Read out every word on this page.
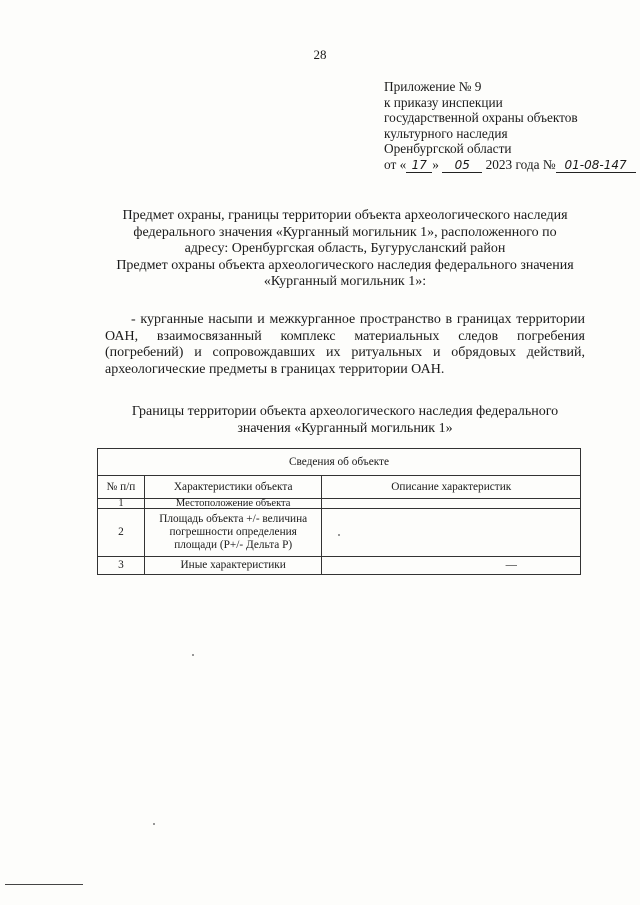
28
Приложение № 9
к приказу инспекции
государственной охраны объектов
культурного наследия
Оренбургской области
от « 17 » 05 2023 года № 01-08-147
Предмет охраны, границы территории объекта археологического наследия
федерального значения «Курганный могильник 1», расположенного по
адресу: Оренбургская область, Бугурусланский район
Предмет охраны объекта археологического наследия федерального значения
«Курганный могильник 1»:
- курганные насыпи и межкурганное пространство в границах территории ОАН, взаимосвязанный комплекс материальных следов погребения (погребений) и сопровождавших их ритуальных и обрядовых действий, археологические предметы в границах территории ОАН.
Границы территории объекта археологического наследия федерального
значения «Курганный могильник 1»
Сведения об объекте		
№ п/п	Характеристики объекта	Описание характеристик
1	Местоположение объекта	
2	Площадь объекта +/- величина погрешности определения площади (Р+/- Дельта Р)	
3	Иные характеристики	—
